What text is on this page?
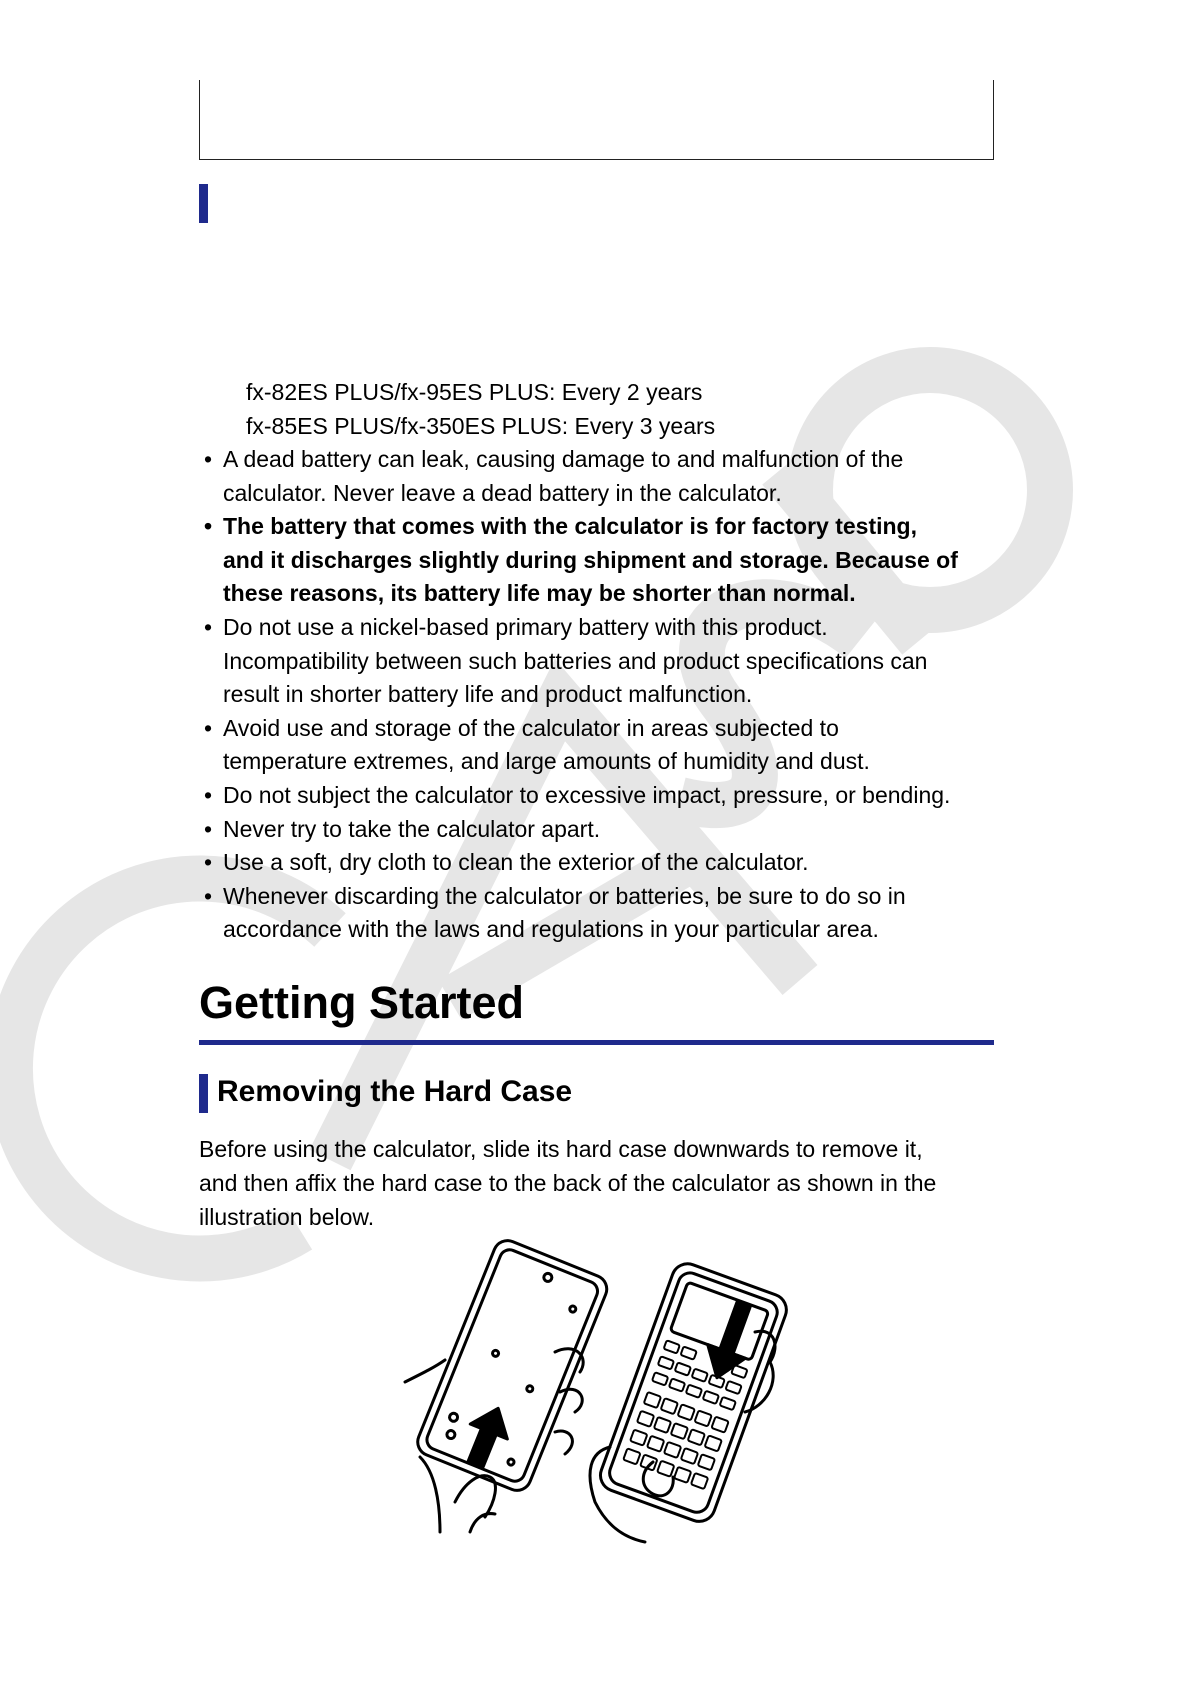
fx-82ES PLUS/fx-95ES PLUS: Every 2 years
fx-85ES PLUS/fx-350ES PLUS: Every 3 years
• A dead battery can leak, causing damage to and malfunction of the
calculator. Never leave a dead battery in the calculator.
• The battery that comes with the calculator is for factory testing,
and it discharges slightly during shipment and storage. Because of
these reasons, its battery life may be shorter than normal.
• Do not use a nickel-based primary battery with this product.
Incompatibility between such batteries and product specifications can
result in shorter battery life and product malfunction.
• Avoid use and storage of the calculator in areas subjected to
temperature extremes, and large amounts of humidity and dust.
• Do not subject the calculator to excessive impact, pressure, or bending.
• Never try to take the calculator apart.
• Use a soft, dry cloth to clean the exterior of the calculator.
• Whenever discarding the calculator or batteries, be sure to do so in
accordance with the laws and regulations in your particular area.
Getting Started
Removing the Hard Case
Before using the calculator, slide its hard case downwards to remove it,
and then affix the hard case to the back of the calculator as shown in the
illustration below.
